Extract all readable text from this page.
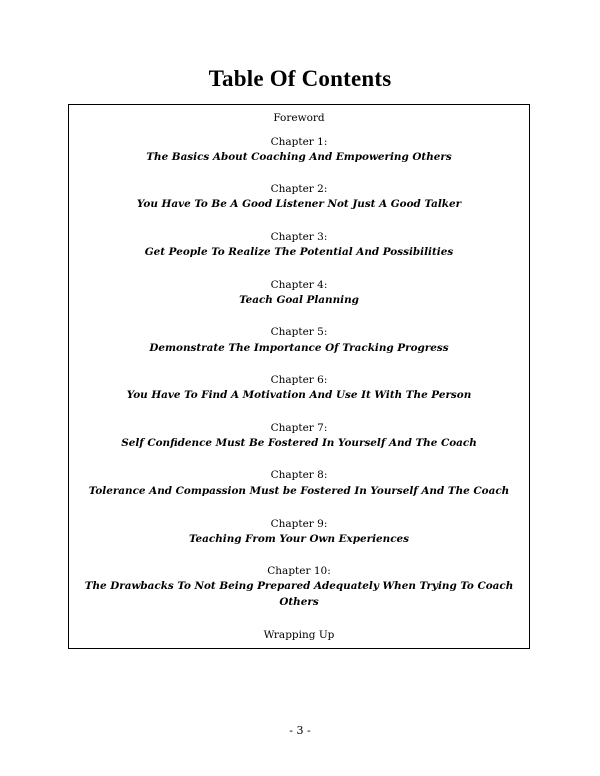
Table Of Contents
Foreword
Chapter 1:
The Basics About Coaching And Empowering Others
Chapter 2:
You Have To Be A Good Listener Not Just A Good Talker
Chapter 3:
Get People To Realize The Potential And Possibilities
Chapter 4:
Teach Goal Planning
Chapter 5:
Demonstrate The Importance Of Tracking Progress
Chapter 6:
You Have To Find A Motivation And Use It With The Person
Chapter 7:
Self Confidence Must Be Fostered In Yourself And The Coach
Chapter 8:
Tolerance And Compassion Must be Fostered In Yourself And The Coach
Chapter 9:
Teaching From Your Own Experiences
Chapter 10:
The Drawbacks To Not Being Prepared Adequately When Trying To Coach Others
Wrapping Up
- 3 -
